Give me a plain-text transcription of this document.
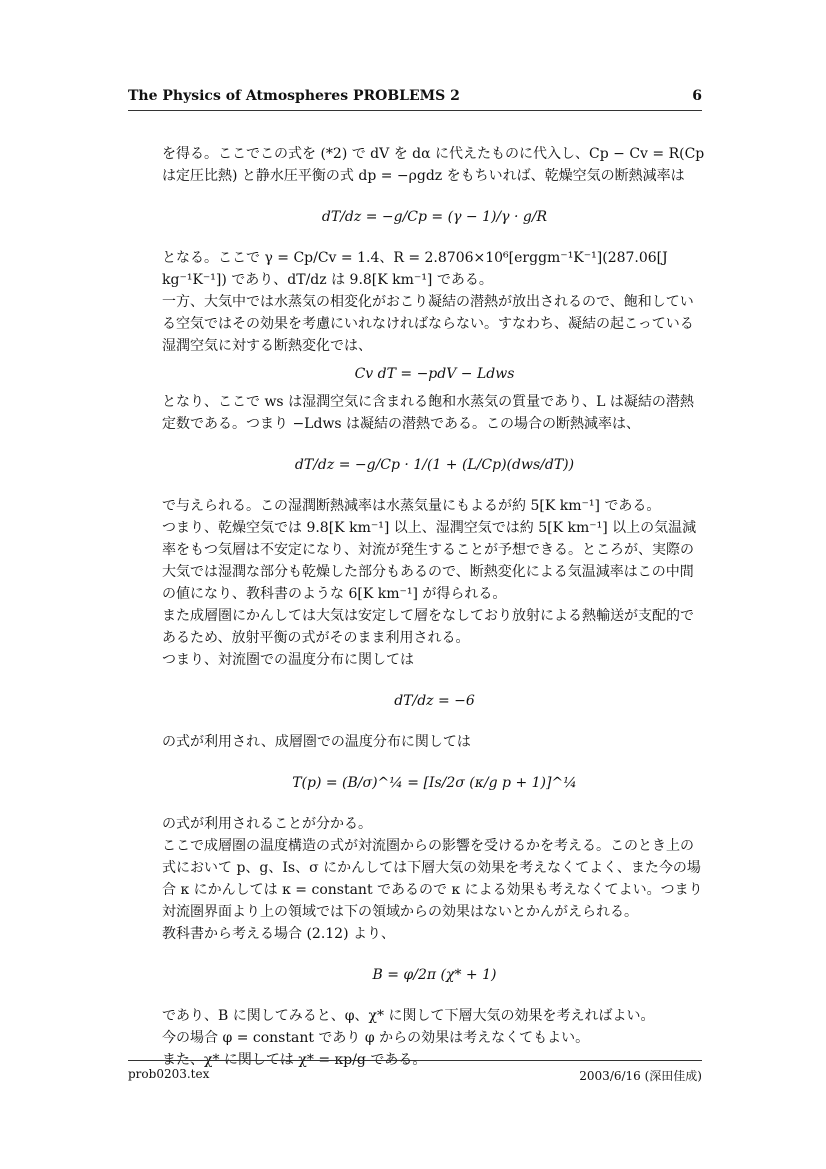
The Physics of Atmospheres PROBLEMS 2	6
を得る。ここでこの式を (*2) で dV を dα に代えたものに代入し、Cp − Cv = R(Cp は定圧比熱) と静水圧平衡の式 dp = −ρgdz をもちいれば、乾燥空気の断熱減率は
dT/dz = −g/Cp = (γ − 1)/γ · g/R
となる。ここで γ = Cp/Cv = 1.4、R = 2.8706×10⁶[erggm⁻¹K⁻¹](287.06[J kg⁻¹K⁻¹]) であり、dT/dz は 9.8[K km⁻¹] である。
一方、大気中では水蒸気の相変化がおこり凝結の潜熱が放出されるので、飽和している空気ではその効果を考慮にいれなければならない。すなわち、凝結の起こっている湿潤空気に対する断熱変化では、
Cv dT = −pdV − Ldws
となり、ここで ws は湿潤空気に含まれる飽和水蒸気の質量であり、L は凝結の潜熱定数である。つまり −Ldws は凝結の潜熱である。この場合の断熱減率は、
dT/dz = −g/Cp · 1/(1 + (L/Cp)(dws/dT))
で与えられる。この湿潤断熱減率は水蒸気量にもよるが約 5[K km⁻¹] である。
つまり、乾燥空気では 9.8[K km⁻¹] 以上、湿潤空気では約 5[K km⁻¹] 以上の気温減率をもつ気層は不安定になり、対流が発生することが予想できる。ところが、実際の大気では湿潤な部分も乾燥した部分もあるので、断熱変化による気温減率はこの中間の値になり、教科書のような 6[K km⁻¹] が得られる。
また成層圏にかんしては大気は安定して層をなしており放射による熱輸送が支配的であるため、放射平衡の式がそのまま利用される。
つまり、対流圏での温度分布に関しては
dT/dz = −6
の式が利用され、成層圏での温度分布に関しては
T(p) = (B/σ)^¼ = [Is/2σ (κ/g p + 1)]^¼
の式が利用されることが分かる。
ここで成層圏の温度構造の式が対流圏からの影響を受けるかを考える。このとき上の式において p、g、Is、σ にかんしては下層大気の効果を考えなくてよく、また今の場合 κ にかんしては κ = constant であるので κ による効果も考えなくてよい。つまり対流圏界面より上の領域では下の領域からの効果はないとかんがえられる。
教科書から考える場合 (2.12) より、
B = φ/2π (χ* + 1)
であり、B に関してみると、φ、χ* に関して下層大気の効果を考えればよい。
今の場合 φ = constant であり φ からの効果は考えなくてもよい。
また、χ* に関しては χ* = κp/g である。
prob0203.tex	2003/6/16 (深田佳成)
